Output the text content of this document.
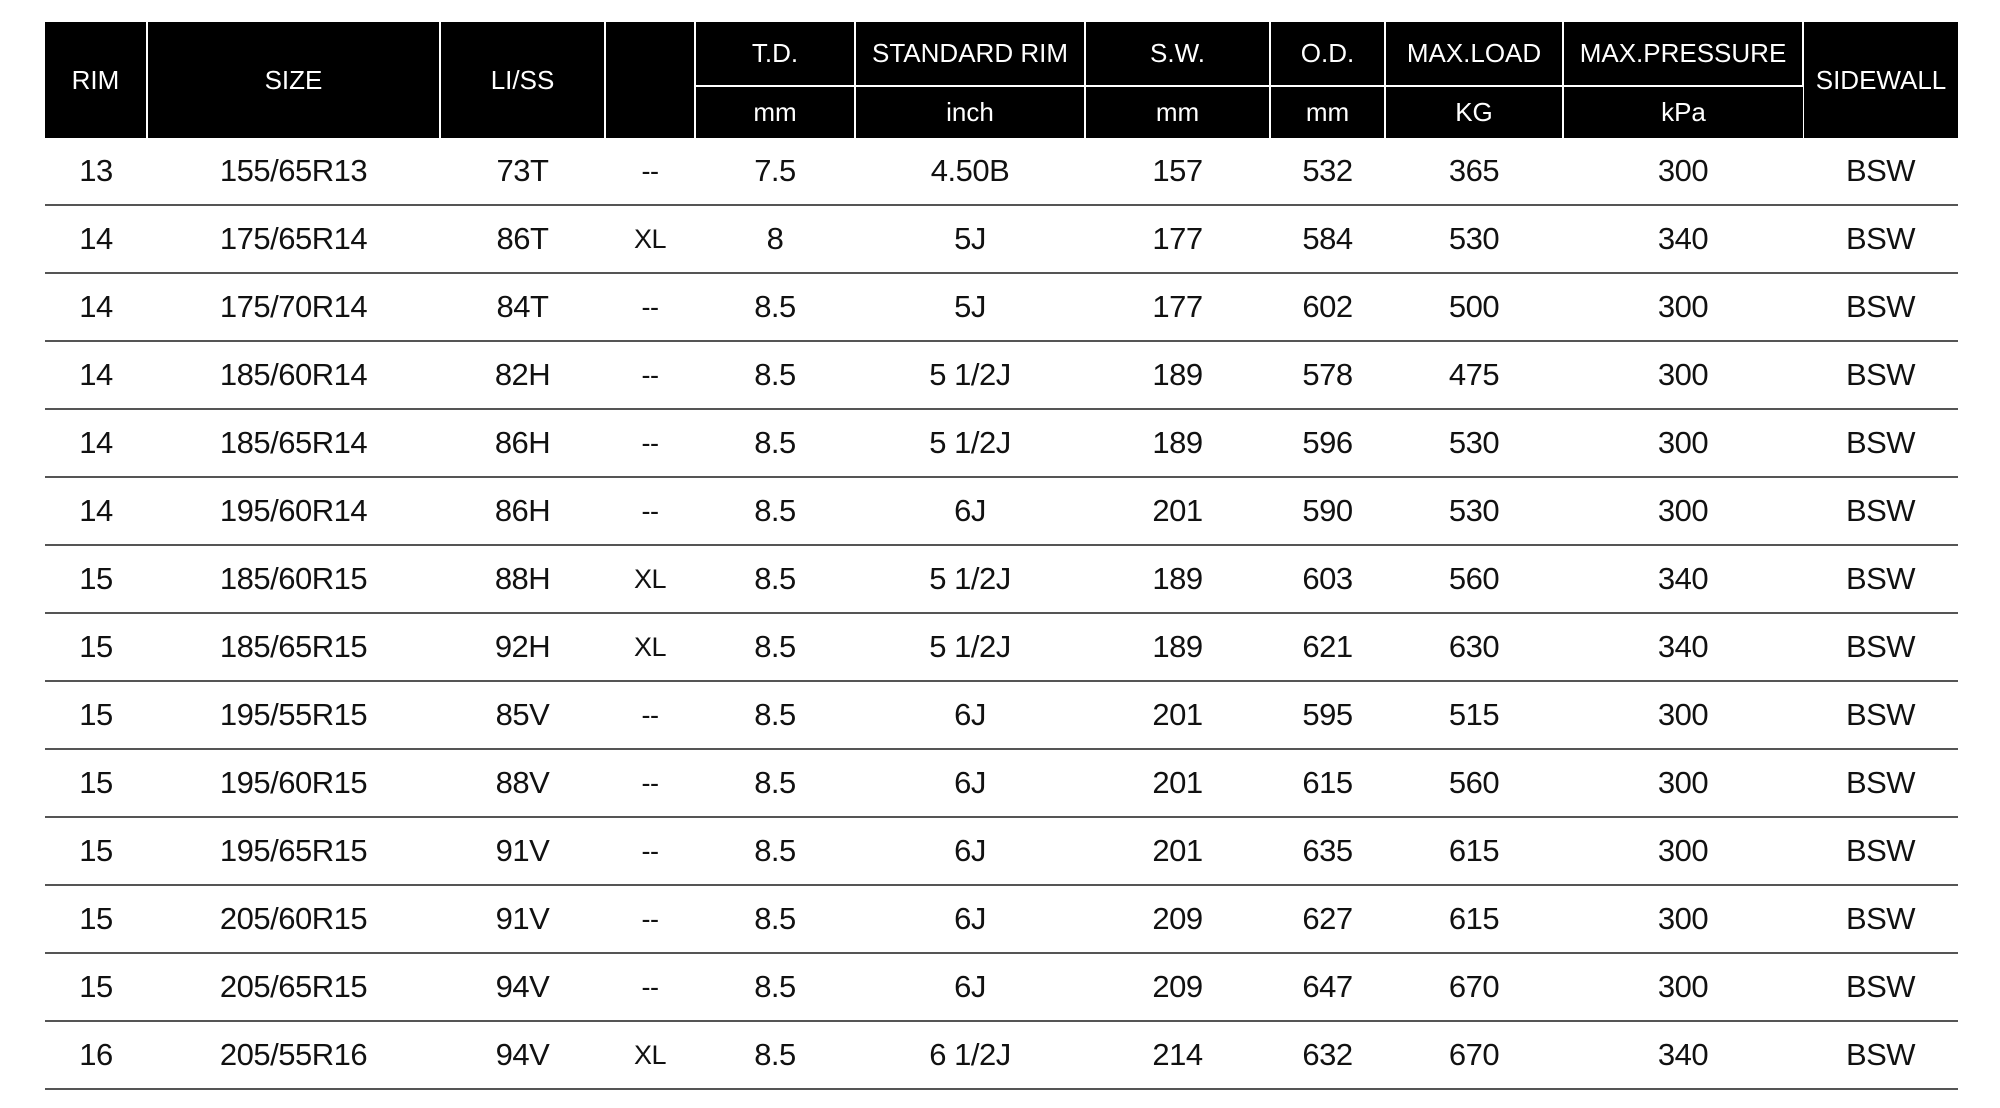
RIM	SIZE	LI/SS		T.D.	STANDARD RIM	S.W.	O.D.	MAX.LOAD	MAX.PRESSURE	SIDEWALL
				mm	inch	mm	mm	KG	kPa	
13	155/65R13	73T	--	7.5	4.50B	157	532	365	300	BSW
14	175/65R14	86T	XL	8	5J	177	584	530	340	BSW
14	175/70R14	84T	--	8.5	5J	177	602	500	300	BSW
14	185/60R14	82H	--	8.5	5 1/2J	189	578	475	300	BSW
14	185/65R14	86H	--	8.5	5 1/2J	189	596	530	300	BSW
14	195/60R14	86H	--	8.5	6J	201	590	530	300	BSW
15	185/60R15	88H	XL	8.5	5 1/2J	189	603	560	340	BSW
15	185/65R15	92H	XL	8.5	5 1/2J	189	621	630	340	BSW
15	195/55R15	85V	--	8.5	6J	201	595	515	300	BSW
15	195/60R15	88V	--	8.5	6J	201	615	560	300	BSW
15	195/65R15	91V	--	8.5	6J	201	635	615	300	BSW
15	205/60R15	91V	--	8.5	6J	209	627	615	300	BSW
15	205/65R15	94V	--	8.5	6J	209	647	670	300	BSW
16	205/55R16	94V	XL	8.5	6 1/2J	214	632	670	340	BSW
